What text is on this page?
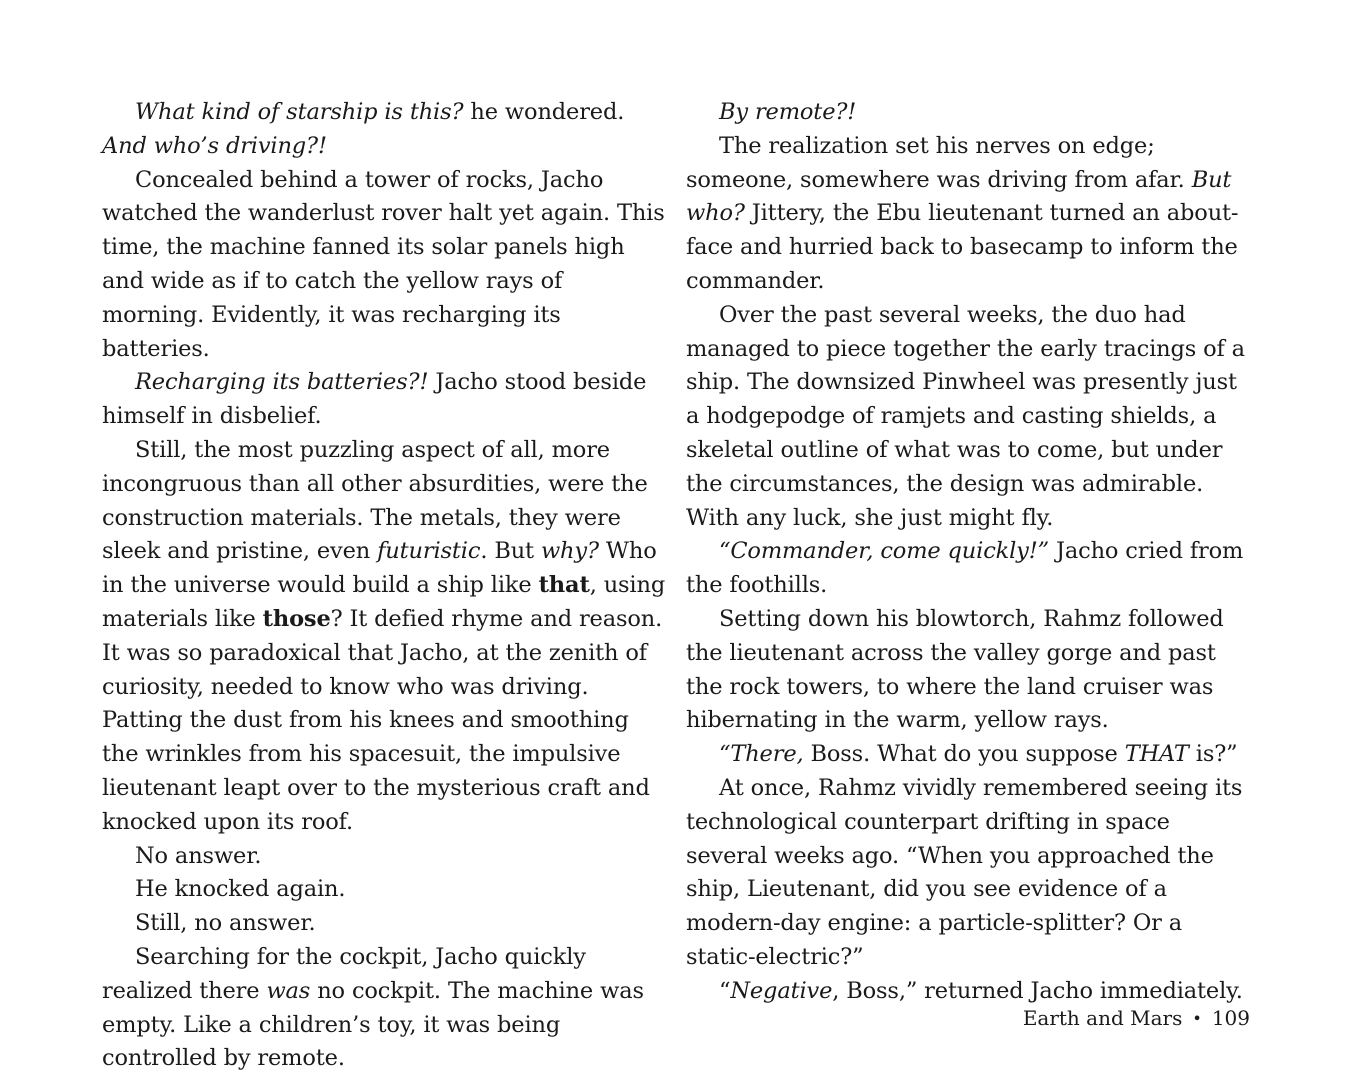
What kind of starship is this? he wondered. And who’s driving?!

Concealed behind a tower of rocks, Jacho watched the wanderlust rover halt yet again. This time, the machine fanned its solar panels high and wide as if to catch the yellow rays of morning. Evidently, it was recharging its batteries.

Recharging its batteries?! Jacho stood beside himself in disbelief.

Still, the most puzzling aspect of all, more incongruous than all other absurdities, were the construction materials. The metals, they were sleek and pristine, even futuristic. But why? Who in the universe would build a ship like that, using materials like those? It defied rhyme and reason. It was so paradoxical that Jacho, at the zenith of curiosity, needed to know who was driving. Patting the dust from his knees and smoothing the wrinkles from his spacesuit, the impulsive lieutenant leapt over to the mysterious craft and knocked upon its roof.

No answer.

He knocked again.

Still, no answer.

Searching for the cockpit, Jacho quickly realized there was no cockpit. The machine was empty. Like a children’s toy, it was being controlled by remote.

By remote?!

The realization set his nerves on edge; someone, somewhere was driving from afar. But who? Jittery, the Ebu lieutenant turned an about-face and hurried back to basecamp to inform the commander.

Over the past several weeks, the duo had managed to piece together the early tracings of a ship. The downsized Pinwheel was presently just a hodgepodge of ramjets and casting shields, a skeletal outline of what was to come, but under the circumstances, the design was admirable. With any luck, she just might fly.

“Commander, come quickly!” Jacho cried from the foothills.

Setting down his blowtorch, Rahmz followed the lieutenant across the valley gorge and past the rock towers, to where the land cruiser was hibernating in the warm, yellow rays.

“There, Boss. What do you suppose THAT is?”

At once, Rahmz vividly remembered seeing its technological counterpart drifting in space several weeks ago. “When you approached the ship, Lieutenant, did you see evidence of a modern-day engine: a particle-splitter? Or a static-electric?”

“Negative, Boss,” returned Jacho immediately.

Earth and Mars • 109
